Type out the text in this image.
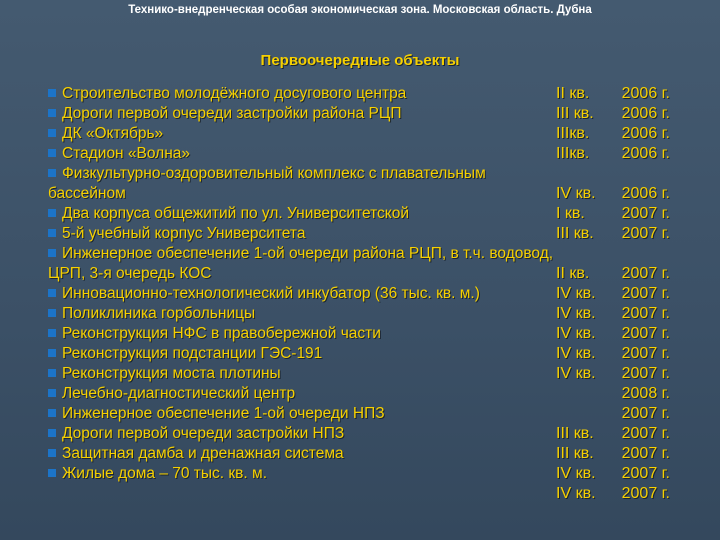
Технико-внедренческая особая экономическая зона. Московская область. Дубна
Первоочередные объекты

Строительство молодёжного досугового центра

Дороги первой очереди застройки района РЦП

ДК «Октябрь»

Стадион «Волна»

Физкультурно-оздоровительный комплекс с плавательным бассейном

Два корпуса общежитий по ул. Университетской

5-й учебный корпус Университета

Инженерное обеспечение 1-ой очереди района РЦП, в т.ч. водовод, ЦРП, 3-я очередь КОС

Инновационно-технологический инкубатор (36 тыс. кв. м.)

Поликлиника горбольницы

Реконструкция НФС в правобережной части

Реконструкция подстанции ГЭС-191

Реконструкция моста плотины

Лечебно-диагностический центр

Инженерное обеспечение 1-ой очереди НПЗ

Дороги первой очереди застройки НПЗ

Защитная дамба и дренажная система

Жилые дома – 70 тыс. кв. м.

II кв.
III кв.
IIIкв.
IIIкв.
IV кв.
I кв.
III кв.
II кв.
IV кв.
IV кв.
IV кв.
IV кв.
IV кв.
III кв.
III кв.
IV кв.
IV кв.
2006 г.
2006 г.
2006 г.
2006 г.
2006 г.
2007 г.
2007 г.
2007 г.
2007 г.
2007 г.
2007 г.
2007 г.
2007 г.
2008 г.
2007 г.
2007 г.
2007 г.
2007 г.
2007 г.
